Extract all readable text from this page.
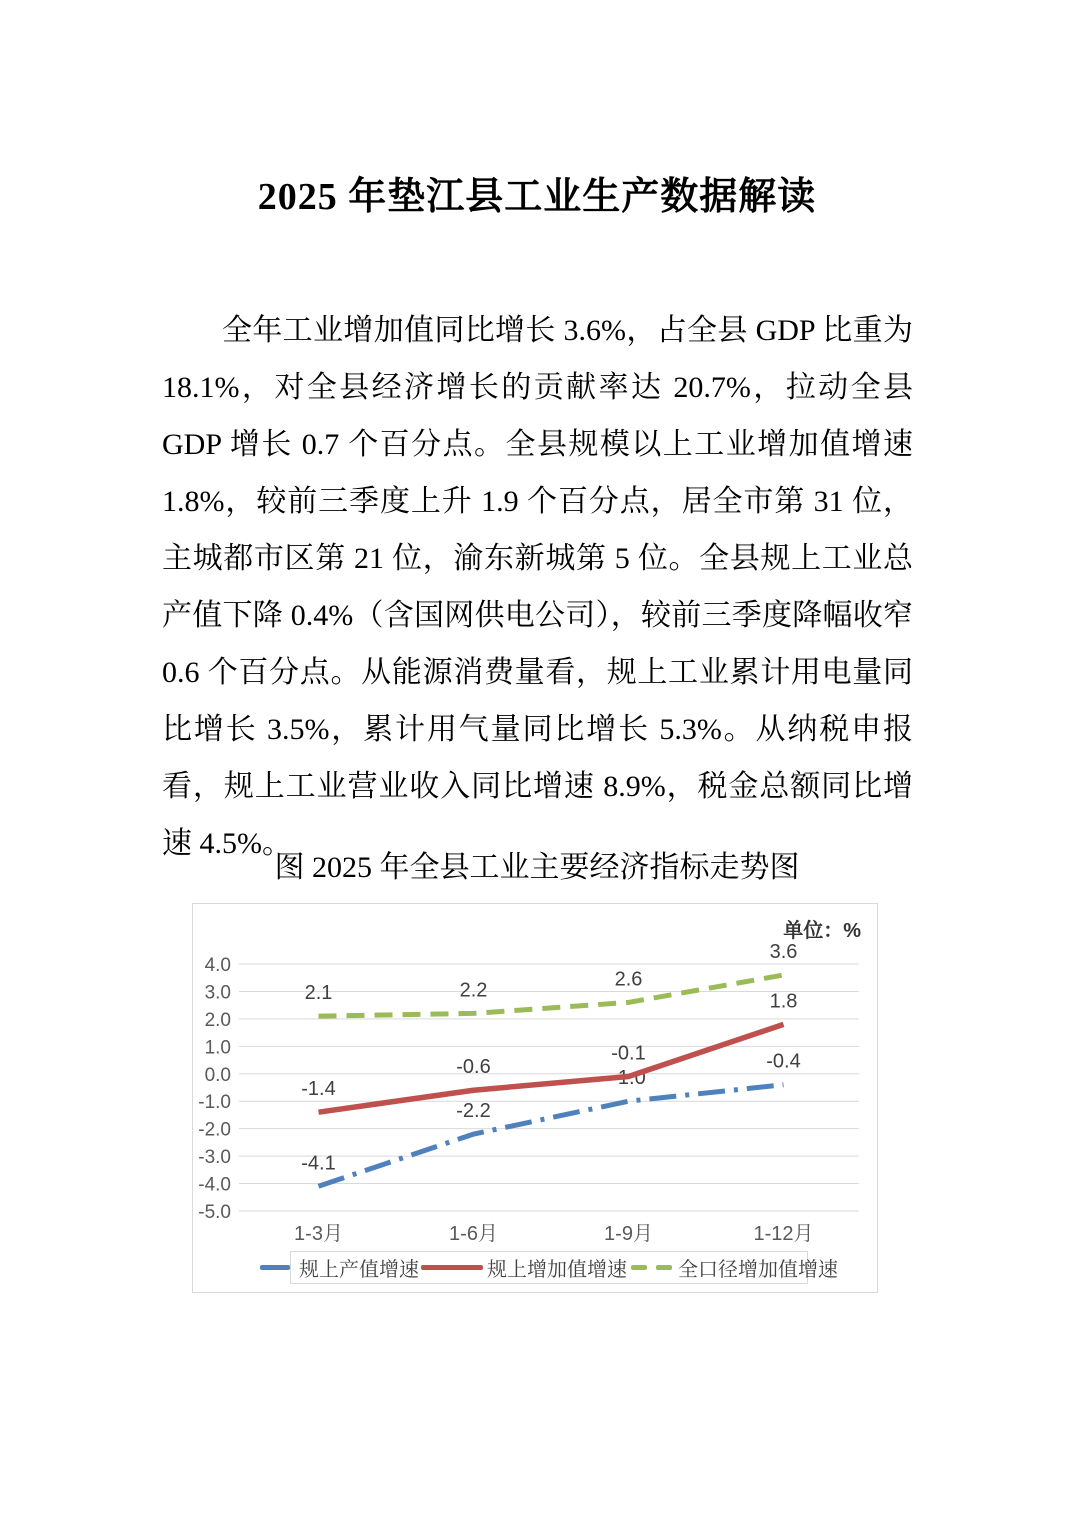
2025 年垫江县工业生产数据解读

全年工业增加值同比增长 3.6%，占全县 GDP 比重为 18.1%，对全县经济增长的贡献率达 20.7%，拉动全县 GDP 增长 0.7 个百分点。全县规模以上工业增加值增速 1.8%，较前三季度上升 1.9 个百分点，居全市第 31 位，主城都市区第 21 位，渝东新城第 5 位。全县规上工业总产值下降 0.4%（含国网供电公司），较前三季度降幅收窄 0.6 个百分点。从能源消费量看，规上工业累计用电量同比增长 3.5%，累计用气量同比增长 5.3%。从纳税申报看，规上工业营业收入同比增速 8.9%，税金总额同比增速 4.5%。

图 2025 年全县工业主要经济指标走势图
4.0
3.0
2.0
1.0
0.0
-1.0
-2.0
-3.0
-4.0
-5.0
1-3月	1-6月	1-9月	1-12月
-4.1
-2.2
-1.0
-0.4
-1.4
-0.6
-0.1
1.8
2.1	2.2	2.6
3.6
单位：%
规上产值增速	规上增加值增速	全口径增加值增速
